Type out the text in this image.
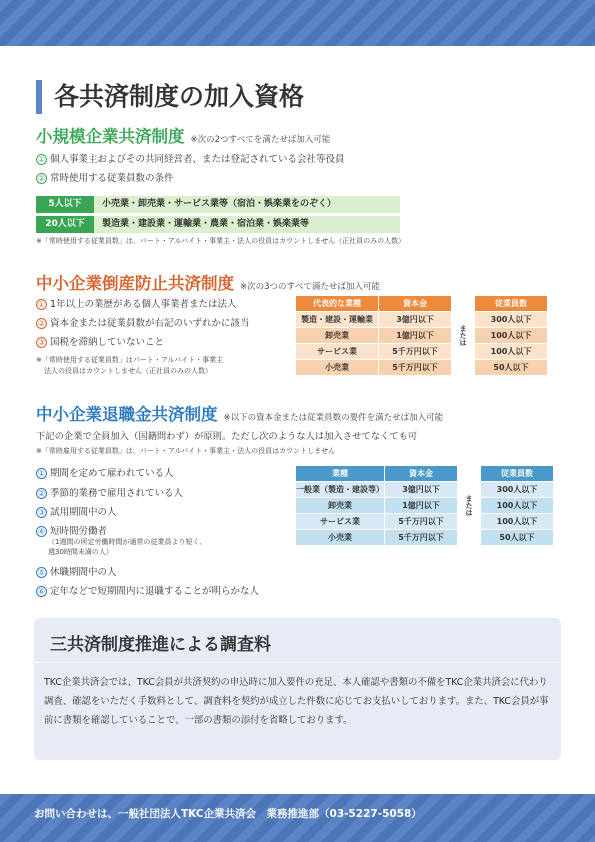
各共済制度の加入資格
小規模企業共済制度 ※次の2つすべてを満たせば加入可能
① 個人事業主およびその共同経営者、または登記されている会社等役員
② 常時使用する従業員数の条件
5人以下	小売業・卸売業・サービス業等（宿泊・娯楽業をのぞく）
20人以下	製造業・建設業・運輸業・農業・宿泊業・娯楽業等
※「常時使用する従業員数」は、パート・アルバイト・事業主・法人の役員はカウントしません（正社員のみの人数）
中小企業倒産防止共済制度 ※次の3つのすべて満たせば加入可能
① 1年以上の業歴がある個人事業者または法人
② 資本金または従業員数が右記のいずれかに該当
③ 国税を滞納していないこと
※「常時使用する従業員数」はパート・アルバイト・事業主
法人の役員はカウントしません（正社員のみの人数）
代表的な業種	資本金	または	従業員数
製造・建設・運輸業	3億円以下		300人以下
卸売業	1億円以下		100人以下
サービス業	5千万円以下		100人以下
小売業	5千万円以下		50人以下
中小企業退職金共済制度 ※以下の資本金または従業員数の要件を満たせば加入可能
下記の企業で全員加入（国籍問わず）が原則。ただし次のような人は加入させてなくても可
※「常時雇用する従業員数」は、パート・アルバイト・事業主・法人の役員はカウントしません
① 期間を定めて雇われている人
② 季節的業務で雇用されている人
③ 試用期間中の人
④ 短時間労働者
（1週間の所定労働時間が通常の従業員より短く、
週30時間未満の人）
⑤ 休職期間中の人
⑥ 定年などで短期間内に退職することが明らかな人
業種	資本金	または	従業員数
一般業（製造・建設等）	3億円以下		300人以下
卸売業	1億円以下		100人以下
サービス業	5千万円以下		100人以下
小売業	5千万円以下		50人以下
三共済制度推進による調査料
TKC企業共済会では、TKC会員が共済契約の申込時に加入要件の充足、本人確認や書類の不備をTKC企業共済会に代わり調査、確認をいただく手数料として、調査料を契約が成立した件数に応じてお支払いしております。また、TKC会員が事前に書類を確認していることで、一部の書類の添付を省略しております。
お問い合わせは、一般社団法人TKC企業共済会　業務推進部（03-5227-5058）
